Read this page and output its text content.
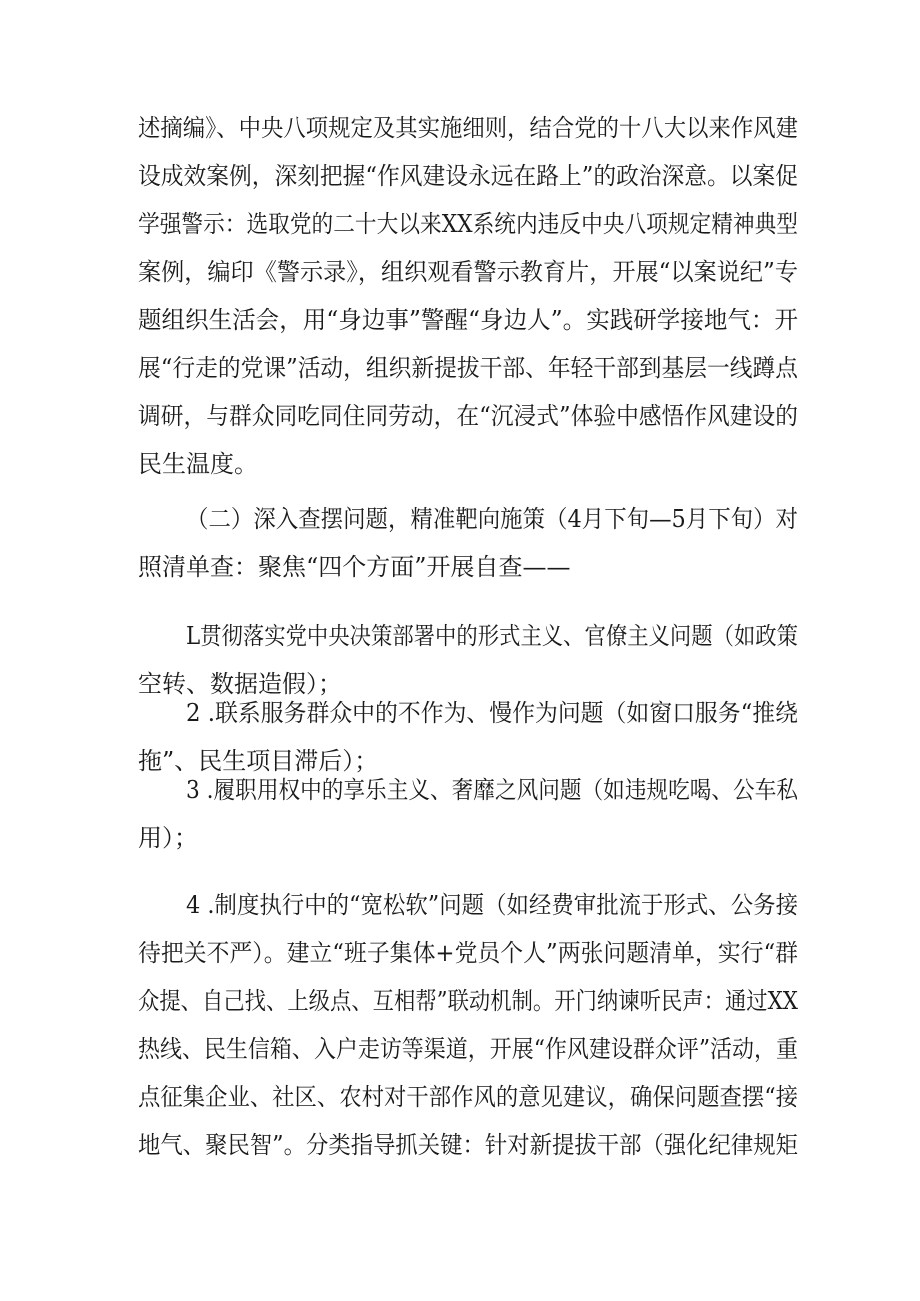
述摘编》、中央八项规定及其实施细则，结合党的十八大以来作风建
设成效案例，深刻把握“作风建设永远在路上”的政治深意。以案促
学强警示：选取党的二十大以来XX系统内违反中央八项规定精神典型
案例，编印《警示录》，组织观看警示教育片，开展“以案说纪”专
题组织生活会，用“身边事”警醒“身边人”。实践研学接地气：开
展“行走的党课”活动，组织新提拔干部、年轻干部到基层一线蹲点
调研，与群众同吃同住同劳动，在“沉浸式”体验中感悟作风建设的
民生温度。
（二）深入查摆问题，精准靶向施策（4月下旬—5月下旬）对
照清单查：聚焦“四个方面”开展自查——
L贯彻落实党中央决策部署中的形式主义、官僚主义问题（如政策
空转、数据造假）；
2 .联系服务群众中的不作为、慢作为问题（如窗口服务“推绕
拖”、民生项目滞后）；
3 .履职用权中的享乐主义、奢靡之风问题（如违规吃喝、公车私
用）；
4 .制度执行中的“宽松软”问题（如经费审批流于形式、公务接
待把关不严）。建立“班子集体+党员个人”两张问题清单，实行“群
众提、自己找、上级点、互相帮”联动机制。开门纳谏听民声：通过XX
热线、民生信箱、入户走访等渠道，开展“作风建设群众评”活动，重
点征集企业、社区、农村对干部作风的意见建议，确保问题查摆“接
地气、聚民智”。分类指导抓关键：针对新提拔干部（强化纪律规矩
